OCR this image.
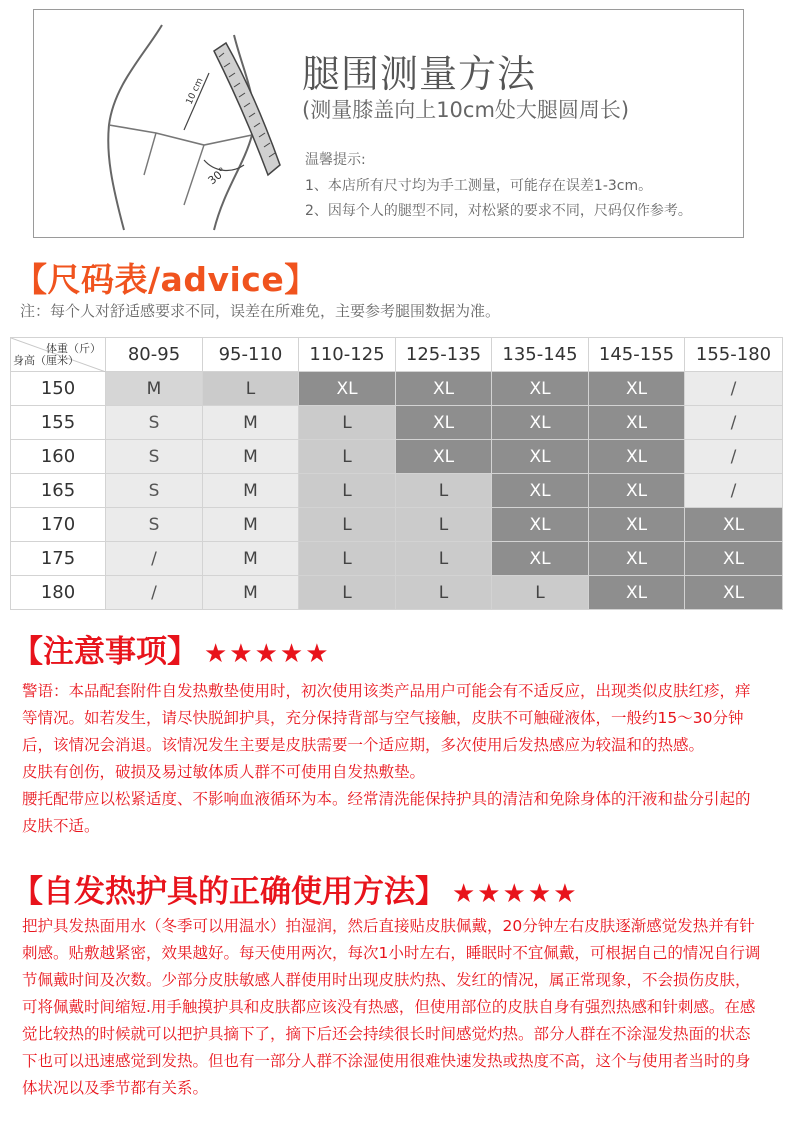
10 cm
30°
腿围测量方法
(测量膝盖向上10cm处大腿圆周长)
温馨提示:
1、本店所有尺寸均为手工测量，可能存在误差1-3cm。
2、因每个人的腿型不同，对松紧的要求不同，尺码仅作参考。
【尺码表/advice】
注：每个人对舒适感要求不同，误差在所难免，主要参考腿围数据为准。
体重（斤）
身高（厘米）	80-95	95-110	110-125	125-135	135-145	145-155	155-180
150	M	L	XL	XL	XL	XL	/
155	S	M	L	XL	XL	XL	/
160	S	M	L	XL	XL	XL	/
165	S	M	L	L	XL	XL	/
170	S	M	L	L	XL	XL	XL
175	/	M	L	L	XL	XL	XL
180	/	M	L	L	L	XL	XL
【注意事项】 ★★★★★

警语：本品配套附件自发热敷垫使用时，初次使用该类产品用户可能会有不适反应，出现类似皮肤红疹，痒等情况。如若发生，请尽快脱卸护具，充分保持背部与空气接触，皮肤不可触碰液体，一般约15～30分钟后，该情况会消退。该情况发生主要是皮肤需要一个适应期，多次使用后发热感应为较温和的热感。

皮肤有创伤，破损及易过敏体质人群不可使用自发热敷垫。

腰托配带应以松紧适度、不影响血液循环为本。经常清洗能保持护具的清洁和免除身体的汗液和盐分引起的皮肤不适。

【自发热护具的正确使用方法】 ★★★★★

把护具发热面用水（冬季可以用温水）拍湿润，然后直接贴皮肤佩戴，20分钟左右皮肤逐渐感觉发热并有针刺感。贴敷越紧密，效果越好。每天使用两次，每次1小时左右，睡眠时不宜佩戴，可根据自己的情况自行调节佩戴时间及次数。少部分皮肤敏感人群使用时出现皮肤灼热、发红的情况，属正常现象，不会损伤皮肤，可将佩戴时间缩短.用手触摸护具和皮肤都应该没有热感，但使用部位的皮肤自身有强烈热感和针刺感。在感觉比较热的时候就可以把护具摘下了，摘下后还会持续很长时间感觉灼热。部分人群在不涂湿发热面的状态下也可以迅速感觉到发热。但也有一部分人群不涂湿使用很难快速发热或热度不高，这个与使用者当时的身体状况以及季节都有关系。
